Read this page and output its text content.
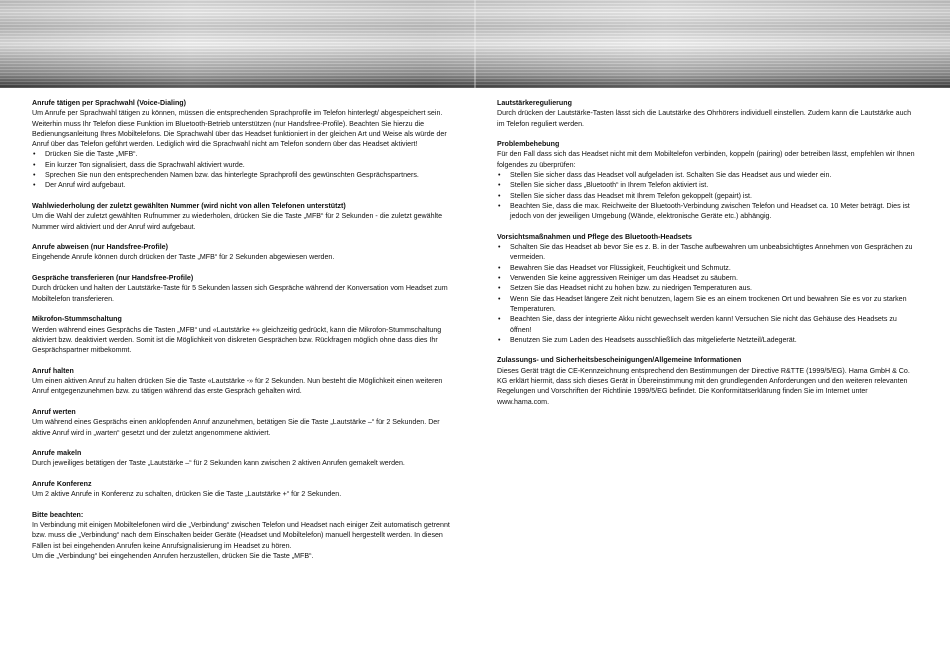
Anrufe tätigen per Sprachwahl (Voice-Dialing)
Um Anrufe per Sprachwahl tätigen zu können, müssen die entsprechenden Sprachprofile im Telefon hinterlegt/ abgespeichert sein. Weiterhin muss Ihr Telefon diese Funktion im Bluetooth-Betrieb unterstützen (nur Handsfree-Profile). Beachten Sie hierzu die Bedienungsanleitung Ihres Mobiltelefons. Die Sprachwahl über das Headset funktioniert in der gleichen Art und Weise als würde der Anruf über das Telefon geführt werden. Lediglich wird die Sprachwahl nicht am Telefon sondern über das Headset aktiviert!
• Drücken Sie die Taste „MFB“.
• Ein kurzer Ton signalisiert, dass die Sprachwahl aktiviert wurde.
• Sprechen Sie nun den entsprechenden Namen bzw. das hinterlegte Sprachprofil des gewünschten Gesprächspartners.
• Der Anruf wird aufgebaut.
Wahlwiederholung der zuletzt gewählten Nummer (wird nicht von allen Telefonen unterstützt)
Um die Wahl der zuletzt gewählten Rufnummer zu wiederholen, drücken Sie die Taste „MFB“ für 2 Sekunden - die zuletzt gewählte Nummer wird aktiviert und der Anruf wird aufgebaut.
Anrufe abweisen (nur Handsfree-Profile)
Eingehende Anrufe können durch drücken der Taste „MFB“ für 2 Sekunden abgewiesen werden.
Gespräche transferieren (nur Handsfree-Profile)
Durch drücken und halten der Lautstärke-Taste für 5 Sekunden lassen sich Gespräche während der Konversation vom Headset zum Mobiltelefon transferieren.
Mikrofon-Stummschaltung
Werden während eines Gesprächs die Tasten „MFB“ und «Lautstärke +» gleichzeitig gedrückt, kann die Mikrofon-Stummschaltung aktiviert bzw. deaktiviert werden. Somit ist die Möglichkeit von diskreten Gesprächen bzw. Rückfragen möglich ohne dass dies Ihr Gesprächspartner mitbekommt.
Anruf halten
Um einen aktiven Anruf zu halten drücken Sie die Taste «Lautstärke -» für 2 Sekunden. Nun besteht die Möglichkeit einen weiteren Anruf entgegenzunehmen bzw. zu tätigen während das erste Gespräch gehalten wird.
Anruf werten
Um während eines Gesprächs einen anklopfenden Anruf anzunehmen, betätigen Sie die Taste „Lautstärke –“ für 2 Sekunden. Der aktive Anruf wird in „warten“ gesetzt und der zuletzt angenommene aktiviert.
Anrufe makeln
Durch jeweiliges betätigen der Taste „Lautstärke –“ für 2 Sekunden kann zwischen 2 aktiven Anrufen gemakelt werden.
Anrufe Konferenz
Um 2 aktive Anrufe in Konferenz zu schalten, drücken Sie die Taste „Lautstärke +“ für 2 Sekunden.
Bitte beachten:
In Verbindung mit einigen Mobiltelefonen wird die „Verbindung“ zwischen Telefon und Headset nach einiger Zeit automatisch getrennt bzw. muss die „Verbindung“ nach dem Einschalten beider Geräte (Headset und Mobiltelefon) manuell hergestellt werden. In diesen Fällen ist bei eingehenden Anrufen keine Anrufsignalisierung im Headset zu hören.
Um die „Verbindung“ bei eingehenden Anrufen herzustellen, drücken Sie die Taste „MFB“.
Lautstärkeregulierung
Durch drücken der Lautstärke-Tasten lässt sich die Lautstärke des Ohrhörers individuell einstellen. Zudem kann die Lautstärke auch im Telefon reguliert werden.
Problembehebung
Für den Fall dass sich das Headset nicht mit dem Mobiltelefon verbinden, koppeln (pairing) oder betreiben lässt, empfehlen wir Ihnen folgendes zu überprüfen:
• Stellen Sie sicher dass das Headset voll aufgeladen ist. Schalten Sie das Headset aus und wieder ein.
• Stellen Sie sicher dass „Bluetooth“ in Ihrem Telefon aktiviert ist.
• Stellen Sie sicher dass das Headset mit Ihrem Telefon gekoppelt (gepairt) ist.
• Beachten Sie, dass die max. Reichweite der Bluetooth-Verbindung zwischen Telefon und Headset ca. 10 Meter beträgt. Dies ist jedoch von der jeweiligen Umgebung (Wände, elektronische Geräte etc.) abhängig.
Vorsichtsmaßnahmen und Pflege des Bluetooth-Headsets
• Schalten Sie das Headset ab bevor Sie es z. B. in der Tasche aufbewahren um unbeabsichtigtes Annehmen von Gesprächen zu vermeiden.
• Bewahren Sie das Headset vor Flüssigkeit, Feuchtigkeit und Schmutz.
• Verwenden Sie keine aggressiven Reiniger um das Headset zu säubern.
• Setzen Sie das Headset nicht zu hohen bzw. zu niedrigen Temperaturen aus.
• Wenn Sie das Headset längere Zeit nicht benutzen, lagern Sie es an einem trockenen Ort und bewahren Sie es vor zu starken Temperaturen.
• Beachten Sie, dass der integrierte Akku nicht gewechselt werden kann! Versuchen Sie nicht das Gehäuse des Headsets zu öffnen!
• Benutzen Sie zum Laden des Headsets ausschließlich das mitgelieferte Netzteil/Ladegerät.
Zulassungs- und Sicherheitsbescheinigungen/Allgemeine Informationen
Dieses Gerät trägt die CE-Kennzeichnung entsprechend den Bestimmungen der Directive R&TTE (1999/5/EG). Hama GmbH & Co. KG erklärt hiermit, dass sich dieses Gerät in Übereinstimmung mit den grundlegenden Anforderungen und den weiteren relevanten Regelungen und Vorschriften der Richtlinie 1999/5/EG befindet. Die Konformitätserklärung finden Sie im Internet unter www.hama.com.
